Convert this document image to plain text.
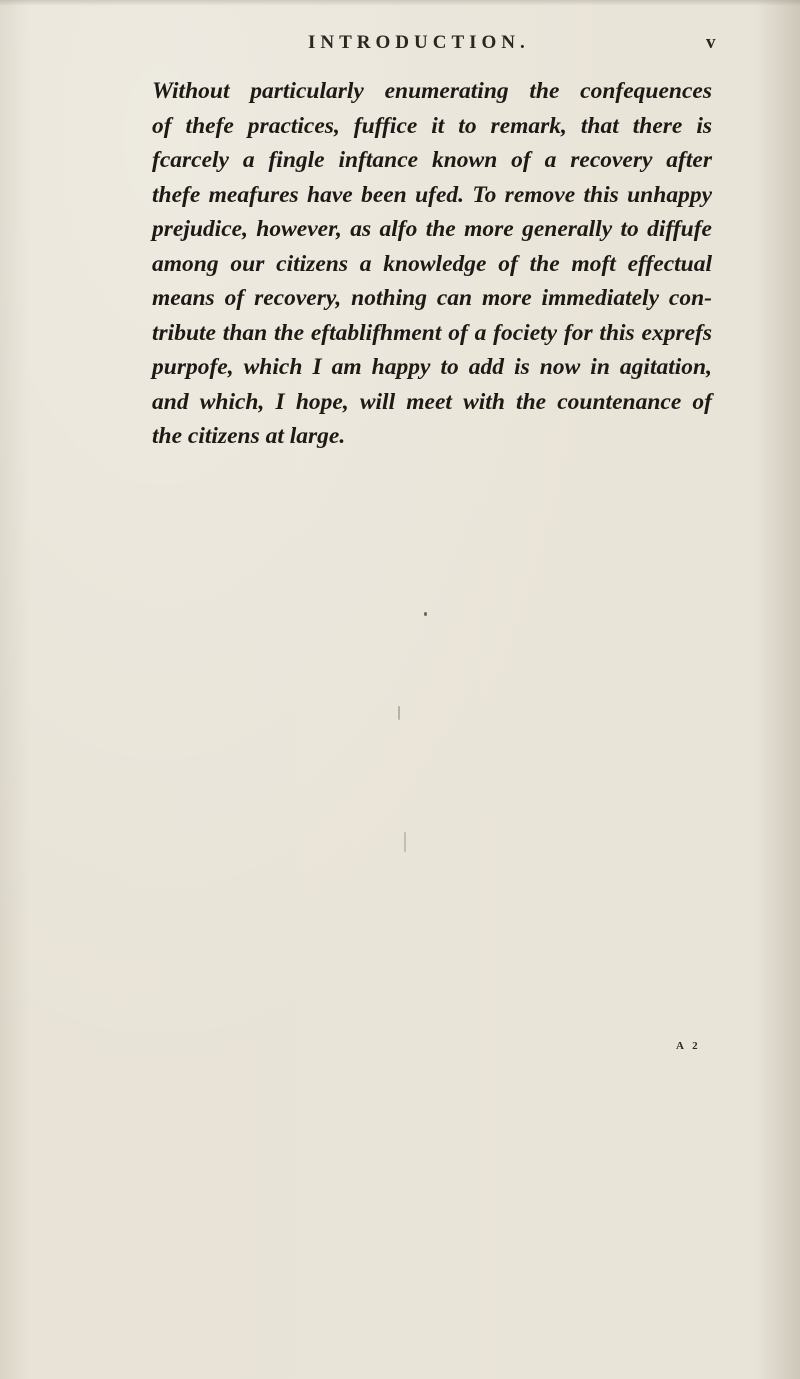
INTRODUCTION.	v
Without particularly enumerating the confequences
of thefe practices, fuffice it to remark, that there is
fcarcely a fingle inftance known of a recovery after
thefe meafures have been ufed. To remove this unhappy
prejudice, however, as alfo the more generally to diffufe
among our citizens a knowledge of the moft effectual
means of recovery, nothing can more immediately con-
tribute than the eftablifhment of a fociety for this exprefs
purpofe, which I am happy to add is now in agitation,
and which, I hope, will meet with the countenance of
the citizens at large.
A 2
